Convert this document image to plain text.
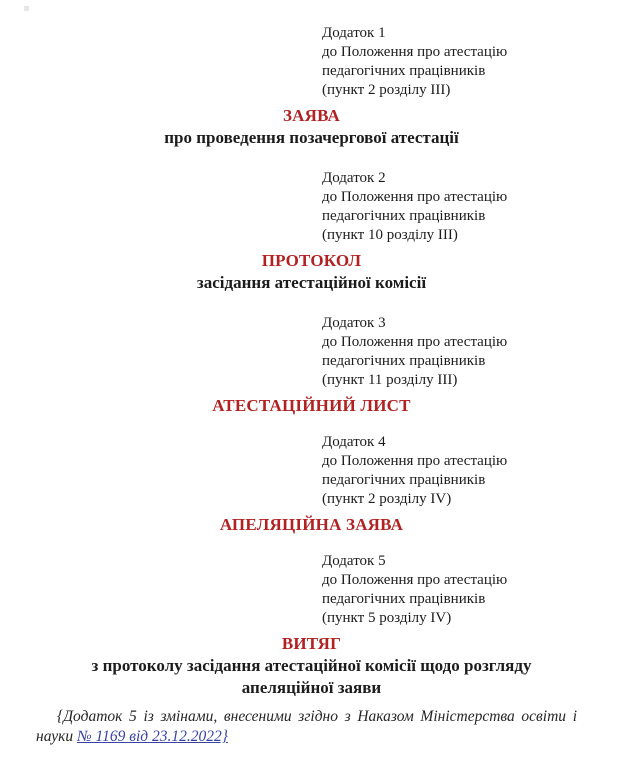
Додаток 1
до Положення про атестацію
педагогічних працівників
(пункт 2 розділу III)
ЗАЯВА
про проведення позачергової атестації
Додаток 2
до Положення про атестацію
педагогічних працівників
(пункт 10 розділу III)
ПРОТОКОЛ
засідання атестаційної комісії
Додаток 3
до Положення про атестацію
педагогічних працівників
(пункт 11 розділу III)
АТЕСТАЦІЙНИЙ ЛИСТ
Додаток 4
до Положення про атестацію
педагогічних працівників
(пункт 2 розділу IV)
АПЕЛЯЦІЙНА ЗАЯВА
Додаток 5
до Положення про атестацію
педагогічних працівників
(пункт 5 розділу IV)
ВИТЯГ
з протоколу засідання атестаційної комісії щодо розгляду апеляційної заяви

{Додаток 5 із змінами, внесеними згідно з Наказом Міністерства освіти і науки № 1169 від 23.12.2022}
